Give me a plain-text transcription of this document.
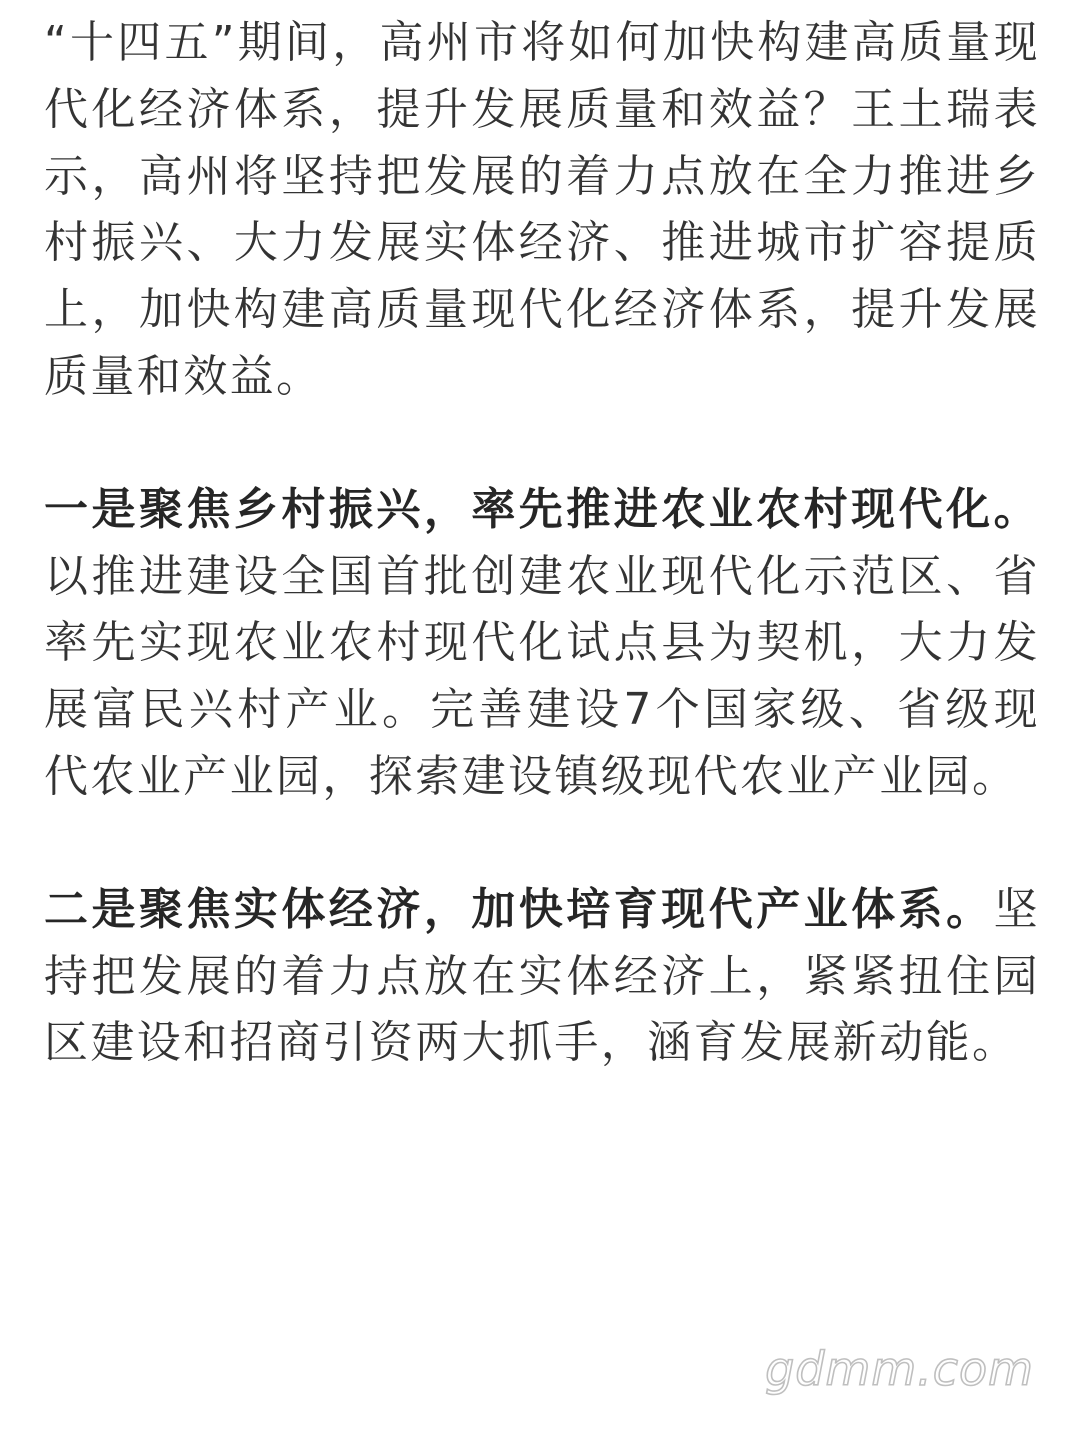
“十四五”期间，高州市将如何加快构建高质量现代化经济体系，提升发展质量和效益？王土瑞表示，高州将坚持把发展的着力点放在全力推进乡村振兴、大力发展实体经济、推进城市扩容提质上，加快构建高质量现代化经济体系，提升发展质量和效益。

一是聚焦乡村振兴，率先推进农业农村现代化。以推进建设全国首批创建农业现代化示范区、省率先实现农业农村现代化试点县为契机，大力发展富民兴村产业。完善建设7个国家级、省级现代农业产业园，探索建设镇级现代农业产业园。

二是聚焦实体经济，加快培育现代产业体系。坚持把发展的着力点放在实体经济上，紧紧扭住园区建设和招商引资两大抓手，涵育发展新动能。

gdmm.com
